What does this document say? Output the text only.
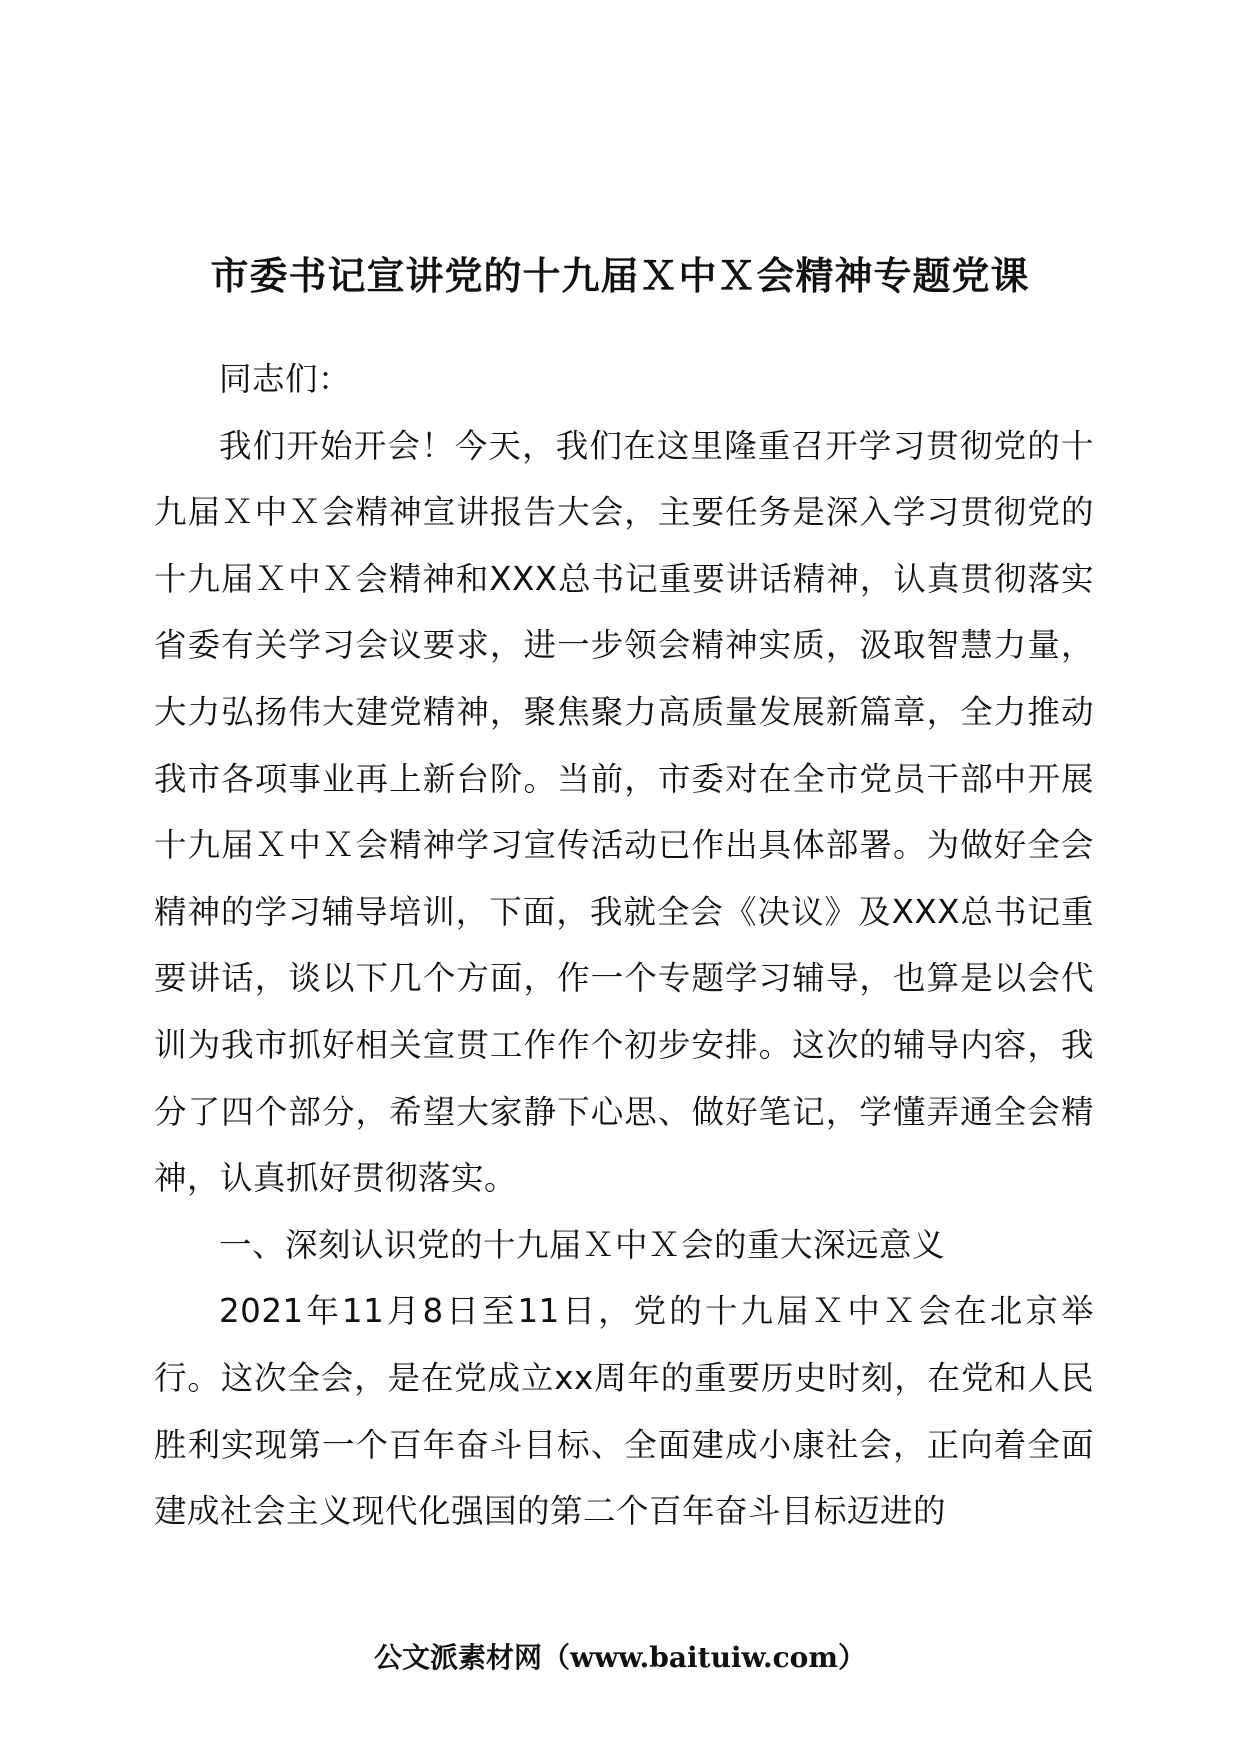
市委书记宣讲党的十九届Ｘ中Ｘ会精神专题党课

同志们：

我们开始开会！今天，我们在这里隆重召开学习贯彻党的十九届Ｘ中Ｘ会精神宣讲报告大会，主要任务是深入学习贯彻党的十九届Ｘ中Ｘ会精神和XXX总书记重要讲话精神，认真贯彻落实省委有关学习会议要求，进一步领会精神实质，汲取智慧力量，大力弘扬伟大建党精神，聚焦聚力高质量发展新篇章，全力推动我市各项事业再上新台阶。当前，市委对在全市党员干部中开展十九届Ｘ中Ｘ会精神学习宣传活动已作出具体部署。为做好全会精神的学习辅导培训，下面，我就全会《决议》及XXX总书记重要讲话，谈以下几个方面，作一个专题学习辅导，也算是以会代训为我市抓好相关宣贯工作作个初步安排。这次的辅导内容，我分了四个部分，希望大家静下心思、做好笔记，学懂弄通全会精神，认真抓好贯彻落实。

一、深刻认识党的十九届Ｘ中Ｘ会的重大深远意义

2021年11月8日至11日，党的十九届Ｘ中Ｘ会在北京举行。这次全会，是在党成立xx周年的重要历史时刻，在党和人民胜利实现第一个百年奋斗目标、全面建成小康社会，正向着全面建成社会主义现代化强国的第二个百年奋斗目标迈进的

公文派素材网（www.baituiw.com）
